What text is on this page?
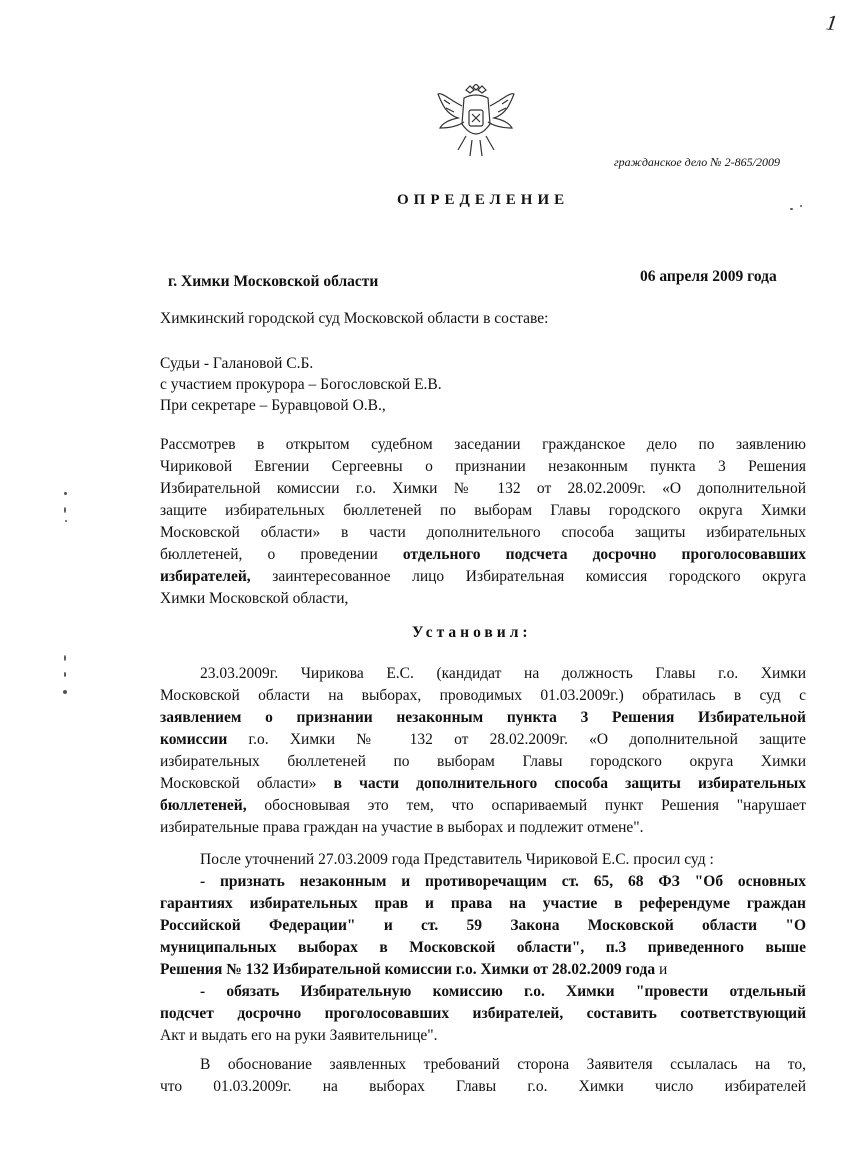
1
гражданское дело № 2-865/2009
ОПРЕДЕЛЕНИЕ
г. Химки Московской области	06 апреля 2009 года
Химкинский городской суд Московской области в составе:
Судьи - Галановой С.Б.
с участием прокурора – Богословской Е.В.
При секретаре – Буравцовой О.В.,
Рассмотрев в открытом судебном заседании гражданское дело по заявлению
Чириковой Евгении Сергеевны о признании незаконным пункта 3 Решения
Избирательной комиссии г.о. Химки № 132 от 28.02.2009г. «О дополнительной
защите избирательных бюллетеней по выборам Главы городского округа Химки
Московской области» в части дополнительного способа защиты избирательных
бюллетеней, о проведении отдельного подсчета досрочно проголосовавших
избирателей, заинтересованное лицо Избирательная комиссия городского округа
Химки Московской области,
Установил:
23.03.2009г. Чирикова Е.С. (кандидат на должность Главы г.о. Химки
Московской области на выборах, проводимых 01.03.2009г.) обратилась в суд с
заявлением о признании незаконным пункта 3 Решения Избирательной
комиссии г.о. Химки № 132 от 28.02.2009г. «О дополнительной защите
избирательных бюллетеней по выборам Главы городского округа Химки
Московской области» в части дополнительного способа защиты избирательных
бюллетеней, обосновывая это тем, что оспариваемый пункт Решения "нарушает
избирательные права граждан на участие в выборах и подлежит отмене".
После уточнений 27.03.2009 года Представитель Чириковой Е.С. просил суд :
- признать незаконным и противоречащим ст. 65, 68 ФЗ "Об основных
гарантиях избирательных прав и права на участие в референдуме граждан
Российской Федерации" и ст. 59 Закона Московской области "О
муниципальных выборах в Московской области", п.3 приведенного выше
Решения № 132 Избирательной комиссии г.о. Химки от 28.02.2009 года и
- обязать Избирательную комиссию г.о. Химки "провести отдельный
подсчет досрочно проголосовавших избирателей, составить соответствующий
Акт и выдать его на руки Заявительнице".
В обоснование заявленных требований сторона Заявителя ссылалась на то,
что 01.03.2009г. на выборах Главы г.о. Химки число избирателей
